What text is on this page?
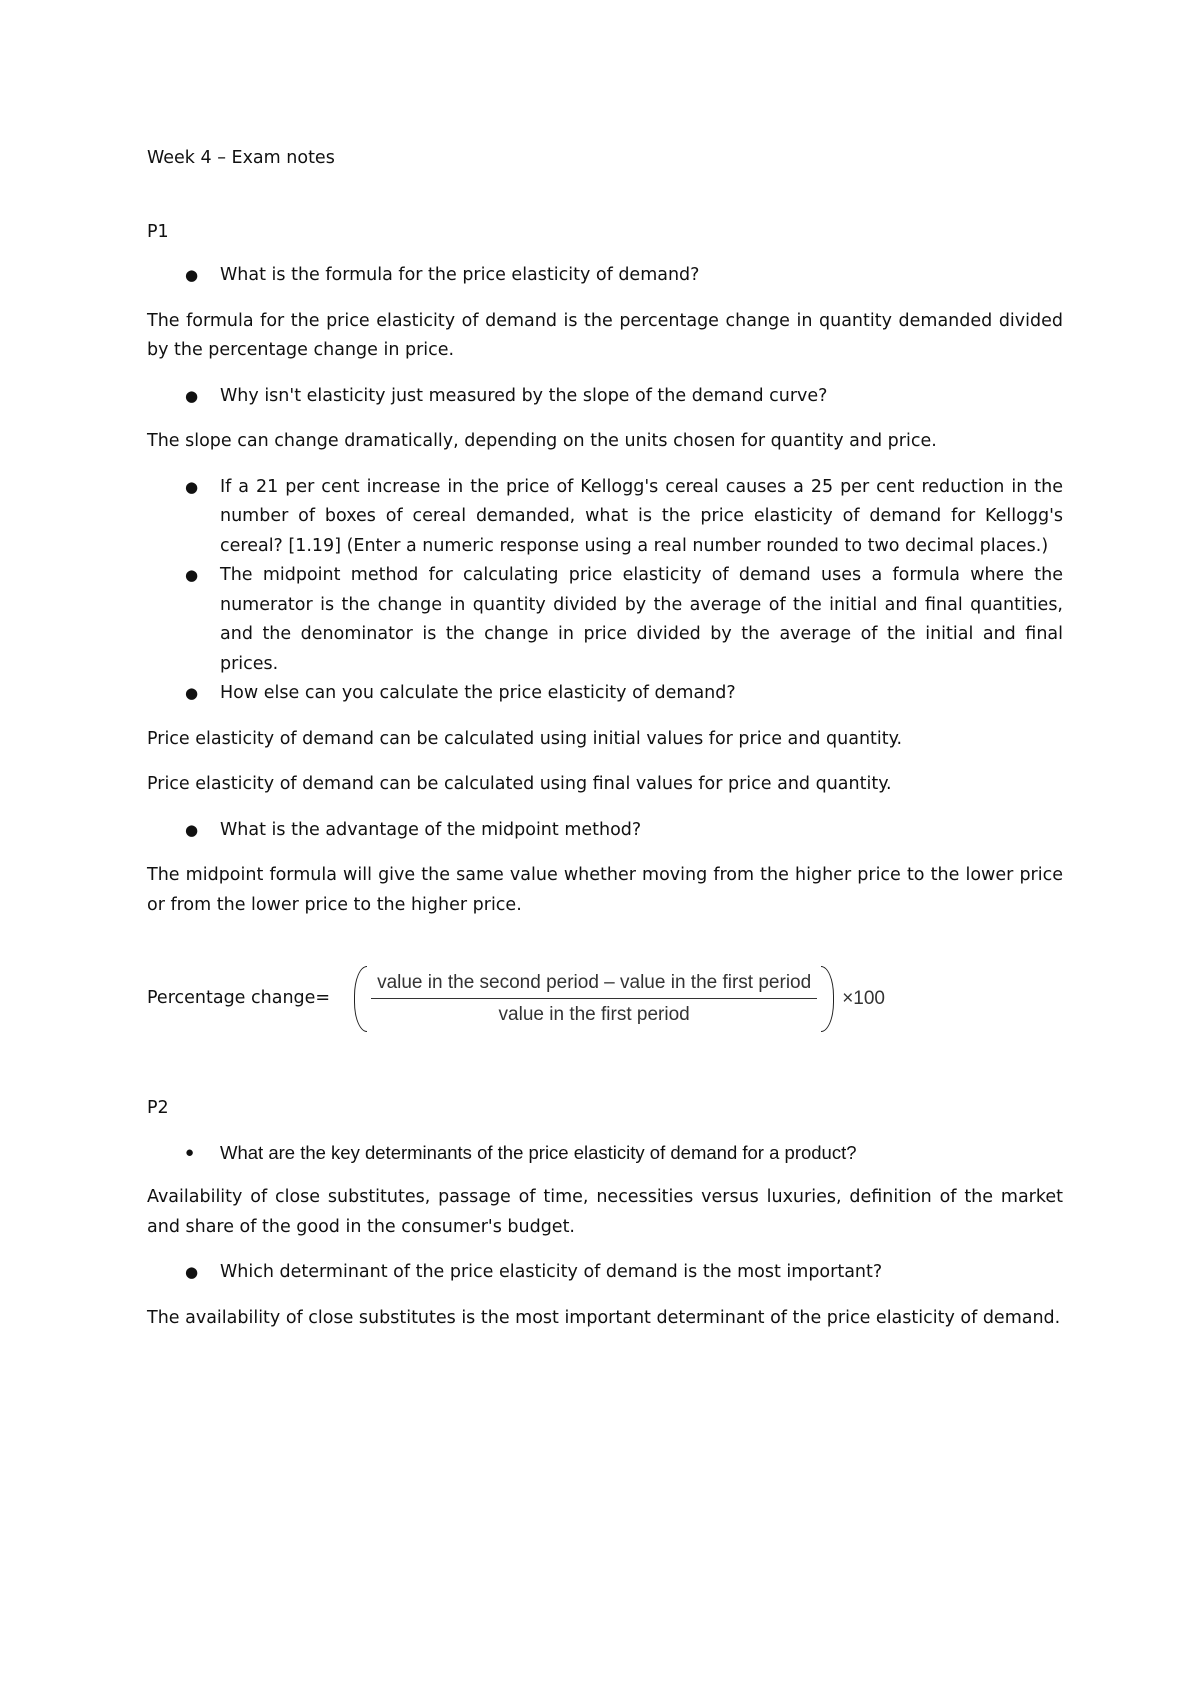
Week 4 – Exam notes
P1
● What is the formula for the price elasticity of demand?

The formula for the price elasticity of demand is the percentage change in quantity demanded divided by the percentage change in price.

● Why isn't elasticity just measured by the slope of the demand curve?

The slope can change dramatically, depending on the units chosen for quantity and price.

● If a 21 per cent increase in the price of Kellogg's cereal causes a 25 per cent reduction in the number of boxes of cereal demanded, what is the price elasticity of demand for Kellogg's cereal? [1.19] (Enter a numeric response using a real number rounded to two decimal places.)
● The midpoint method for calculating price elasticity of demand uses a formula where the numerator is the change in quantity divided by the average of the initial and final quantities, and the denominator is the change in price divided by the average of the initial and final prices.
● How else can you calculate the price elasticity of demand?

Price elasticity of demand can be calculated using initial values for price and quantity.

Price elasticity of demand can be calculated using final values for price and quantity.

● What is the advantage of the midpoint method?

The midpoint formula will give the same value whether moving from the higher price to the lower price or from the lower price to the higher price.

Percentage change= $\frac{\text{value in the second period – value in the first period}}{\text{value in the first period}} \times 100$
P2
● What are the key determinants of the price elasticity of demand for a product?

Availability of close substitutes, passage of time, necessities versus luxuries, definition of the market and share of the good in the consumer's budget.

● Which determinant of the price elasticity of demand is the most important?

The availability of close substitutes is the most important determinant of the price elasticity of demand.
